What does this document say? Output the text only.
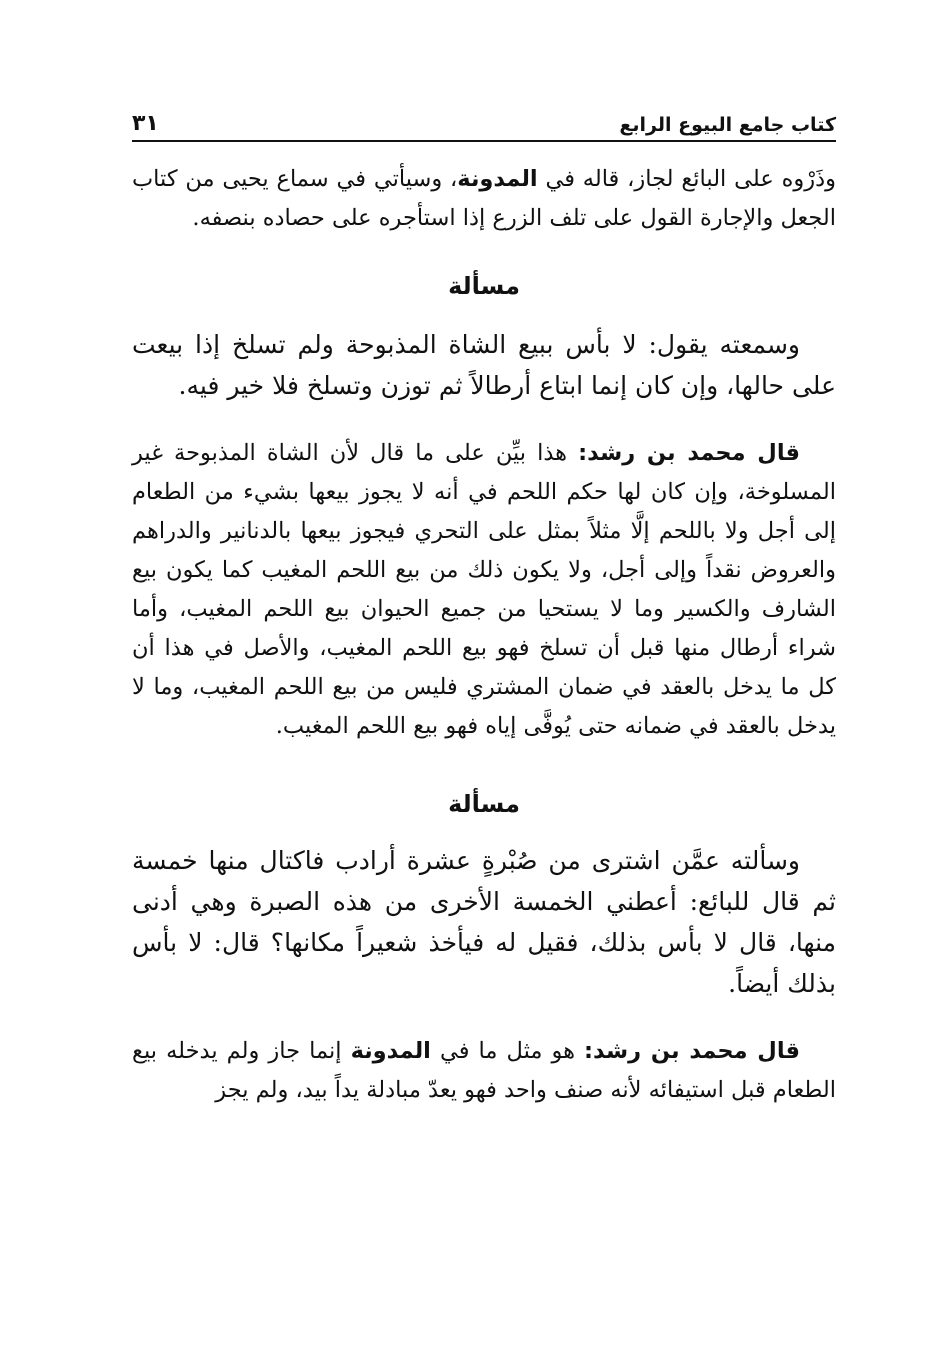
كتاب جامع البيوع الرابع
٣١

وذَرْوه على البائع لجاز، قاله في المدونة، وسيأتي في سماع يحيى من كتاب الجعل والإجارة القول على تلف الزرع إذا استأجره على حصاده بنصفه.

مسألة

وسمعته يقول: لا بأس ببيع الشاة المذبوحة ولم تسلخ إذا بيعت على حالها، وإن كان إنما ابتاع أرطالاً ثم توزن وتسلخ فلا خير فيه.

قال محمد بن رشد: هذا بيِّن على ما قال لأن الشاة المذبوحة غير المسلوخة، وإن كان لها حكم اللحم في أنه لا يجوز بيعها بشيء من الطعام إلى أجل ولا باللحم إلَّا مثلاً بمثل على التحري فيجوز بيعها بالدنانير والدراهم والعروض نقداً وإلى أجل، ولا يكون ذلك من بيع اللحم المغيب كما يكون بيع الشارف والكسير وما لا يستحيا من جميع الحيوان بيع اللحم المغيب، وأما شراء أرطال منها قبل أن تسلخ فهو بيع اللحم المغيب، والأصل في هذا أن كل ما يدخل بالعقد في ضمان المشتري فليس من بيع اللحم المغيب، وما لا يدخل بالعقد في ضمانه حتى يُوفَّى إياه فهو بيع اللحم المغيب.

مسألة

وسألته عمَّن اشترى من صُبْرةٍ عشرة أرادب فاكتال منها خمسة ثم قال للبائع: أعطني الخمسة الأخرى من هذه الصبرة وهي أدنى منها، قال لا بأس بذلك، فقيل له فيأخذ شعيراً مكانها؟ قال: لا بأس بذلك أيضاً.

قال محمد بن رشد: هو مثل ما في المدونة إنما جاز ولم يدخله بيع الطعام قبل استيفائه لأنه صنف واحد فهو يعدّ مبادلة يداً بيد، ولم يجز
